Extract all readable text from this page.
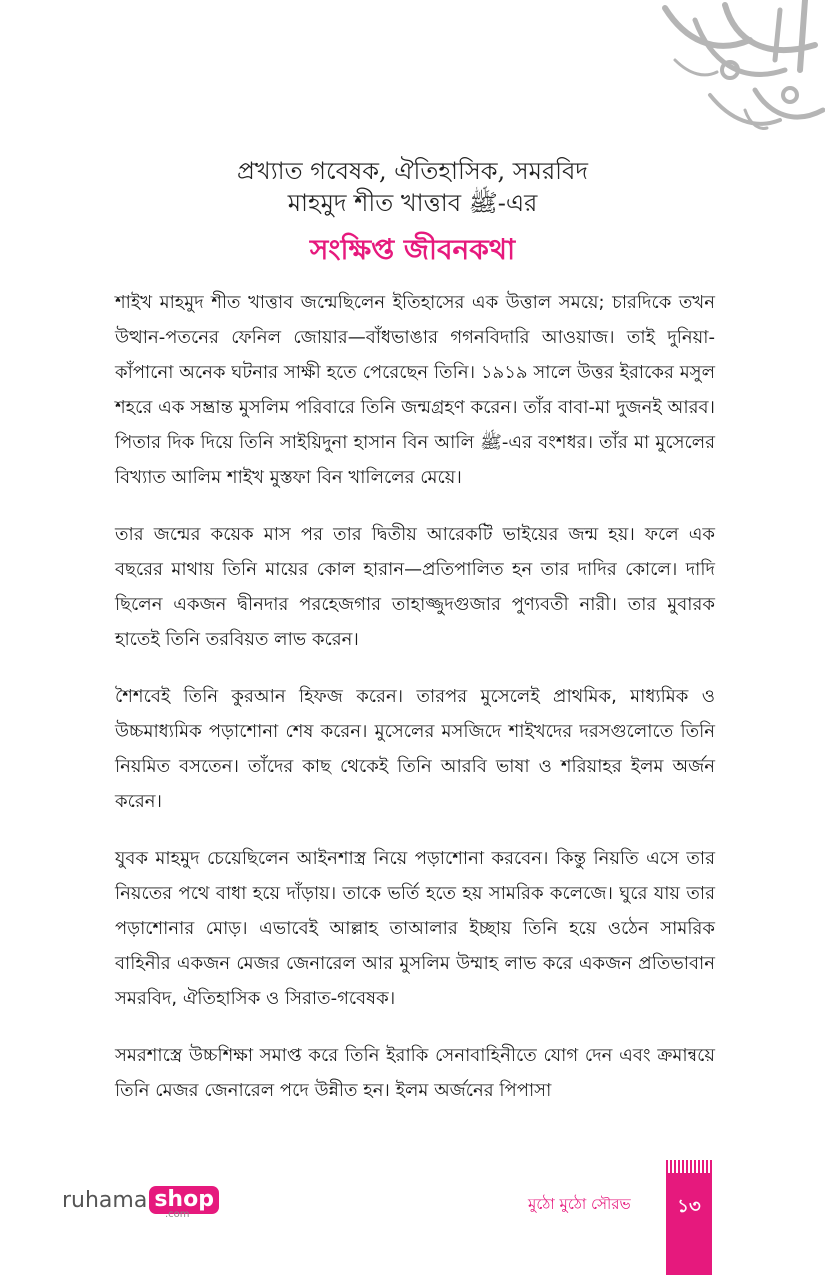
প্রখ্যাত গবেষক, ঐতিহাসিক, সমরবিদ
মাহমুদ শীত খাত্তাব ﷺ-এর
সংক্ষিপ্ত জীবনকথা

শাইখ মাহমুদ শীত খাত্তাব জন্মেছিলেন ইতিহাসের এক উত্তাল সময়ে; চারদিকে তখন উত্থান-পতনের ফেনিল জোয়ার—বাঁধভাঙার গগনবিদারি আওয়াজ। তাই দুনিয়া-কাঁপানো অনেক ঘটনার সাক্ষী হতে পেরেছেন তিনি। ১৯১৯ সালে উত্তর ইরাকের মসুল শহরে এক সম্ভ্রান্ত মুসলিম পরিবারে তিনি জন্মগ্রহণ করেন। তাঁর বাবা-মা দুজনই আরব। পিতার দিক দিয়ে তিনি সাইয়িদুনা হাসান বিন আলি ﷺ-এর বংশধর। তাঁর মা মুসেলের বিখ্যাত আলিম শাইখ মুস্তফা বিন খালিলের মেয়ে।

তার জন্মের কয়েক মাস পর তার দ্বিতীয় আরেকটি ভাইয়ের জন্ম হয়। ফলে এক বছরের মাথায় তিনি মায়ের কোল হারান—প্রতিপালিত হন তার দাদির কোলে। দাদি ছিলেন একজন দ্বীনদার পরহেজগার তাহাজ্জুদগুজার পুণ্যবতী নারী। তার মুবারক হাতেই তিনি তরবিয়ত লাভ করেন।

শৈশবেই তিনি কুরআন হিফজ করেন। তারপর মুসেলেই প্রাথমিক, মাধ্যমিক ও উচ্চমাধ্যমিক পড়াশোনা শেষ করেন। মুসেলের মসজিদে শাইখদের দরসগুলোতে তিনি নিয়মিত বসতেন। তাঁদের কাছ থেকেই তিনি আরবি ভাষা ও শরিয়াহর ইলম অর্জন করেন।

যুবক মাহমুদ চেয়েছিলেন আইনশাস্ত্র নিয়ে পড়াশোনা করবেন। কিন্তু নিয়তি এসে তার নিয়তের পথে বাধা হয়ে দাঁড়ায়। তাকে ভর্তি হতে হয় সামরিক কলেজে। ঘুরে যায় তার পড়াশোনার মোড়। এভাবেই আল্লাহ তাআলার ইচ্ছায় তিনি হয়ে ওঠেন সামরিক বাহিনীর একজন মেজর জেনারেল আর মুসলিম উম্মাহ লাভ করে একজন প্রতিভাবান সমরবিদ, ঐতিহাসিক ও সিরাত-গবেষক।

সমরশাস্ত্রে উচ্চশিক্ষা সমাপ্ত করে তিনি ইরাকি সেনাবাহিনীতে যোগ দেন এবং ক্রমান্বয়ে তিনি মেজর জেনারেল পদে উন্নীত হন। ইলম অর্জনের পিপাসা

ruhama shop
.com
মুঠো মুঠো সৌরভ	১৩
